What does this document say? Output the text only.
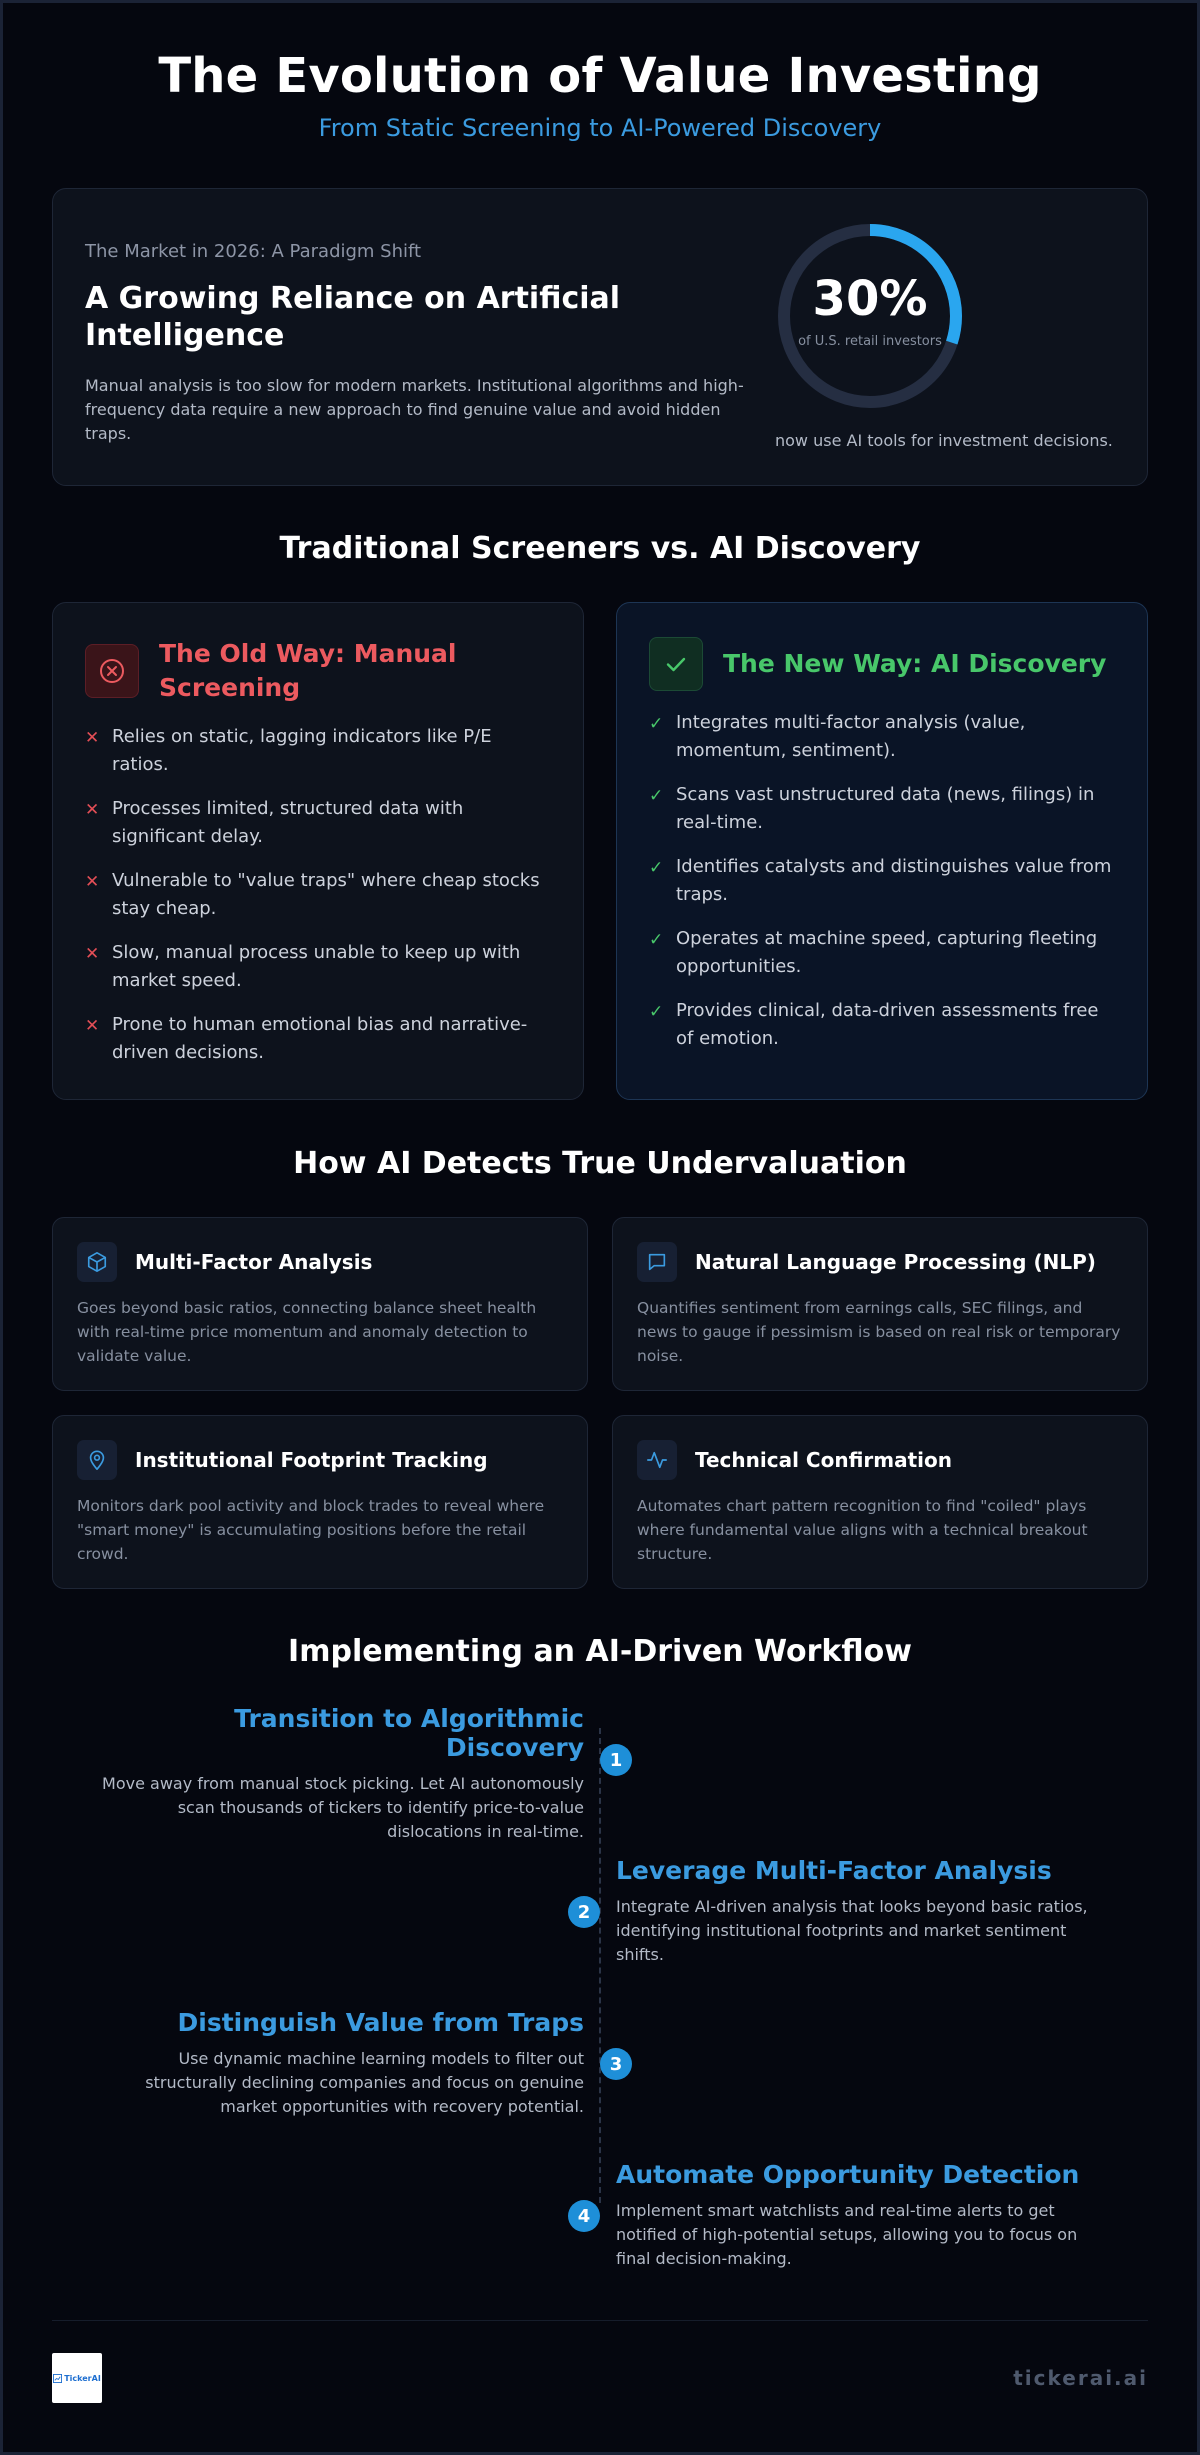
The Evolution of Value Investing
From Static Screening to AI-Powered Discovery
The Market in 2026: A Paradigm Shift
A Growing Reliance on Artificial Intelligence

Manual analysis is too slow for modern markets. Institutional algorithms and high-frequency data require a new approach to find genuine value and avoid hidden traps.

30%
of U.S. retail investors
now use AI tools for investment decisions.
Traditional Screeners vs. AI Discovery
The Old Way: Manual Screening
✕ Relies on static, lagging indicators like P/E ratios.
✕ Processes limited, structured data with significant delay.
✕ Vulnerable to "value traps" where cheap stocks stay cheap.
✕ Slow, manual process unable to keep up with market speed.
✕ Prone to human emotional bias and narrative-driven decisions.
The New Way: AI Discovery
✓ Integrates multi-factor analysis (value, momentum, sentiment).
✓ Scans vast unstructured data (news, filings) in real-time.
✓ Identifies catalysts and distinguishes value from traps.
✓ Operates at machine speed, capturing fleeting opportunities.
✓ Provides clinical, data-driven assessments free of emotion.
How AI Detects True Undervaluation
Multi-Factor Analysis

Goes beyond basic ratios, connecting balance sheet health with real-time price momentum and anomaly detection to validate value.

Natural Language Processing (NLP)

Quantifies sentiment from earnings calls, SEC filings, and news to gauge if pessimism is based on real risk or temporary noise.

Institutional Footprint Tracking

Monitors dark pool activity and block trades to reveal where "smart money" is accumulating positions before the retail crowd.

Technical Confirmation

Automates chart pattern recognition to find "coiled" plays where fundamental value aligns with a technical breakout structure.

Implementing an AI-Driven Workflow
Transition to Algorithmic Discovery

Move away from manual stock picking. Let AI autonomously scan thousands of tickers to identify price-to-value dislocations in real-time.

1
Leverage Multi-Factor Analysis

Integrate AI-driven analysis that looks beyond basic ratios, identifying institutional footprints and market sentiment shifts.

2
Distinguish Value from Traps

Use dynamic machine learning models to filter out structurally declining companies and focus on genuine market opportunities with recovery potential.

3
Automate Opportunity Detection

Implement smart watchlists and real-time alerts to get notified of high-potential setups, allowing you to focus on final decision-making.

4
TickerAI	tickerai.ai
